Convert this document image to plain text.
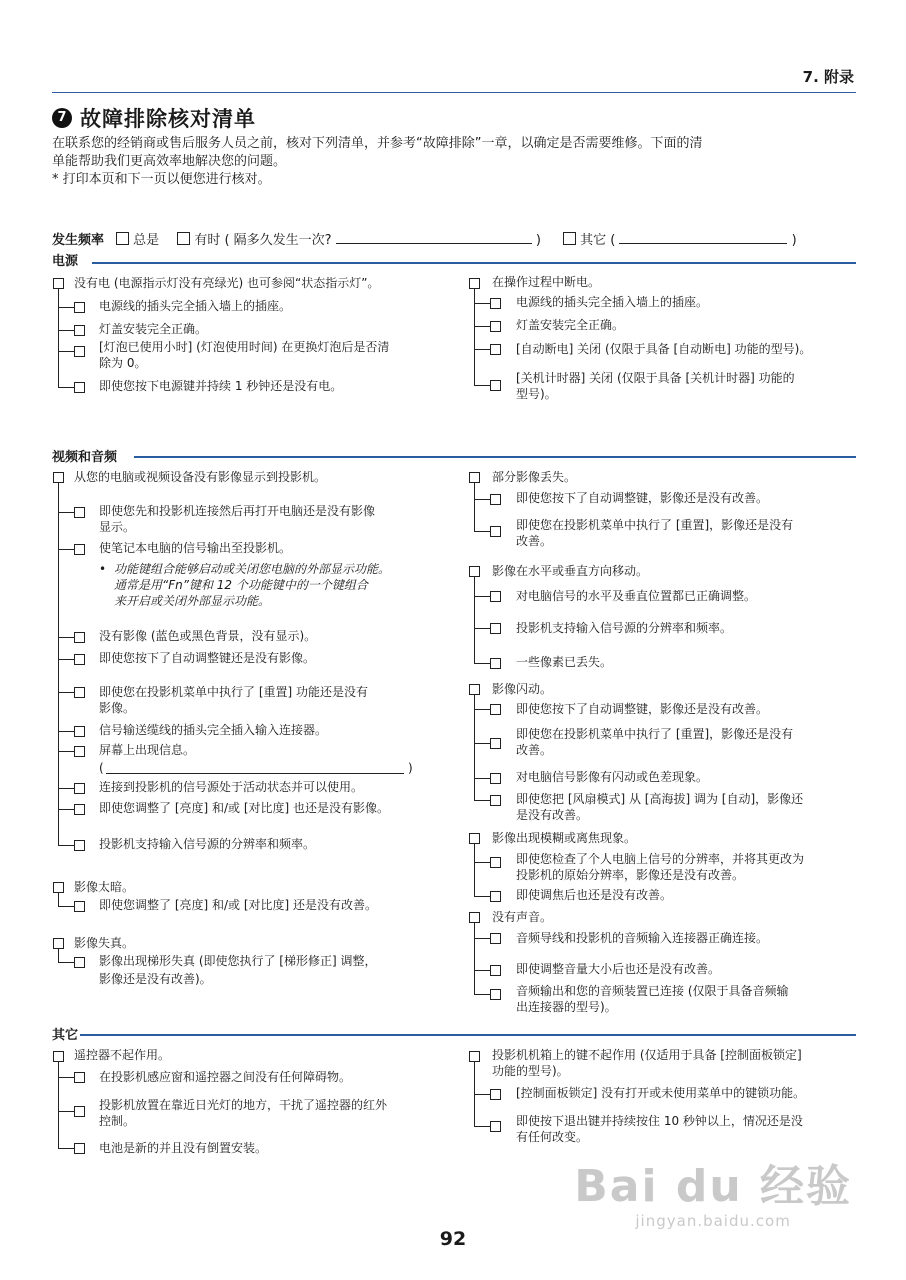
7. 附录
7 故障排除核对清单
在联系您的经销商或售后服务人员之前，核对下列清单，并参考“故障排除”一章，以确定是否需要维修。下面的清
单能帮助我们更高效率地解决您的问题。
* 打印本页和下一页以便您进行核对。
发生频率 总是	有时 ( 隔多久发生一次?	)	其它 (	)
电源
没有电 (电源指示灯没有亮绿光) 也可参阅“状态指示灯”。
电源线的插头完全插入墙上的插座。
灯盖安装完全正确。
[灯泡已使用小时] (灯泡使用时间) 在更换灯泡后是否清
除为 0。
即使您按下电源键并持续 1 秒钟还是没有电。
在操作过程中断电。
电源线的插头完全插入墙上的插座。
灯盖安装完全正确。
[自动断电] 关闭 (仅限于具备 [自动断电] 功能的型号)。
[关机计时器] 关闭 (仅限于具备 [关机计时器] 功能的
型号)。
视频和音频
从您的电脑或视频设备没有影像显示到投影机。
即使您先和投影机连接然后再打开电脑还是没有影像
显示。
使笔记本电脑的信号输出至投影机。
• 功能键组合能够启动或关闭您电脑的外部显示功能。
通常是用“Fn”键和 12 个功能键中的一个键组合
来开启或关闭外部显示功能。
没有影像 (蓝色或黑色背景，没有显示)。
即使您按下了自动调整键还是没有影像。
即使您在投影机菜单中执行了 [重置] 功能还是没有
影像。
信号输送缆线的插头完全插入输入连接器。
屏幕上出现信息。
(	)
连接到投影机的信号源处于活动状态并可以使用。
即使您调整了 [亮度] 和/或 [对比度] 也还是没有影像。
投影机支持输入信号源的分辨率和频率。
影像太暗。
即使您调整了 [亮度] 和/或 [对比度] 还是没有改善。
影像失真。
影像出现梯形失真 (即使您执行了 [梯形修正] 调整，
影像还是没有改善)。
部分影像丢失。
即使您按下了自动调整键，影像还是没有改善。
即使您在投影机菜单中执行了 [重置]，影像还是没有
改善。
影像在水平或垂直方向移动。
对电脑信号的水平及垂直位置都已正确调整。
投影机支持输入信号源的分辨率和频率。
一些像素已丢失。
影像闪动。
即使您按下了自动调整键，影像还是没有改善。
即使您在投影机菜单中执行了 [重置]，影像还是没有
改善。
对电脑信号影像有闪动或色差现象。
即使您把 [风扇模式] 从 [高海拔] 调为 [自动]，影像还
是没有改善。
影像出现模糊或离焦现象。
即使您检查了个人电脑上信号的分辨率，并将其更改为
投影机的原始分辨率，影像还是没有改善。
即使调焦后也还是没有改善。
没有声音。
音频导线和投影机的音频输入连接器正确连接。
即使调整音量大小后也还是没有改善。
音频输出和您的音频装置已连接 (仅限于具备音频输
出连接器的型号)。
其它
遥控器不起作用。
在投影机感应窗和遥控器之间没有任何障碍物。
投影机放置在靠近日光灯的地方，干扰了遥控器的红外
控制。
电池是新的并且没有倒置安装。
投影机机箱上的键不起作用 (仅适用于具备 [控制面板锁定]
功能的型号)。
[控制面板锁定] 没有打开或未使用菜单中的键锁功能。
即使按下退出键并持续按住 10 秒钟以上，情况还是没
有任何改变。
Bai du 经验
jingyan.baidu.com
92
